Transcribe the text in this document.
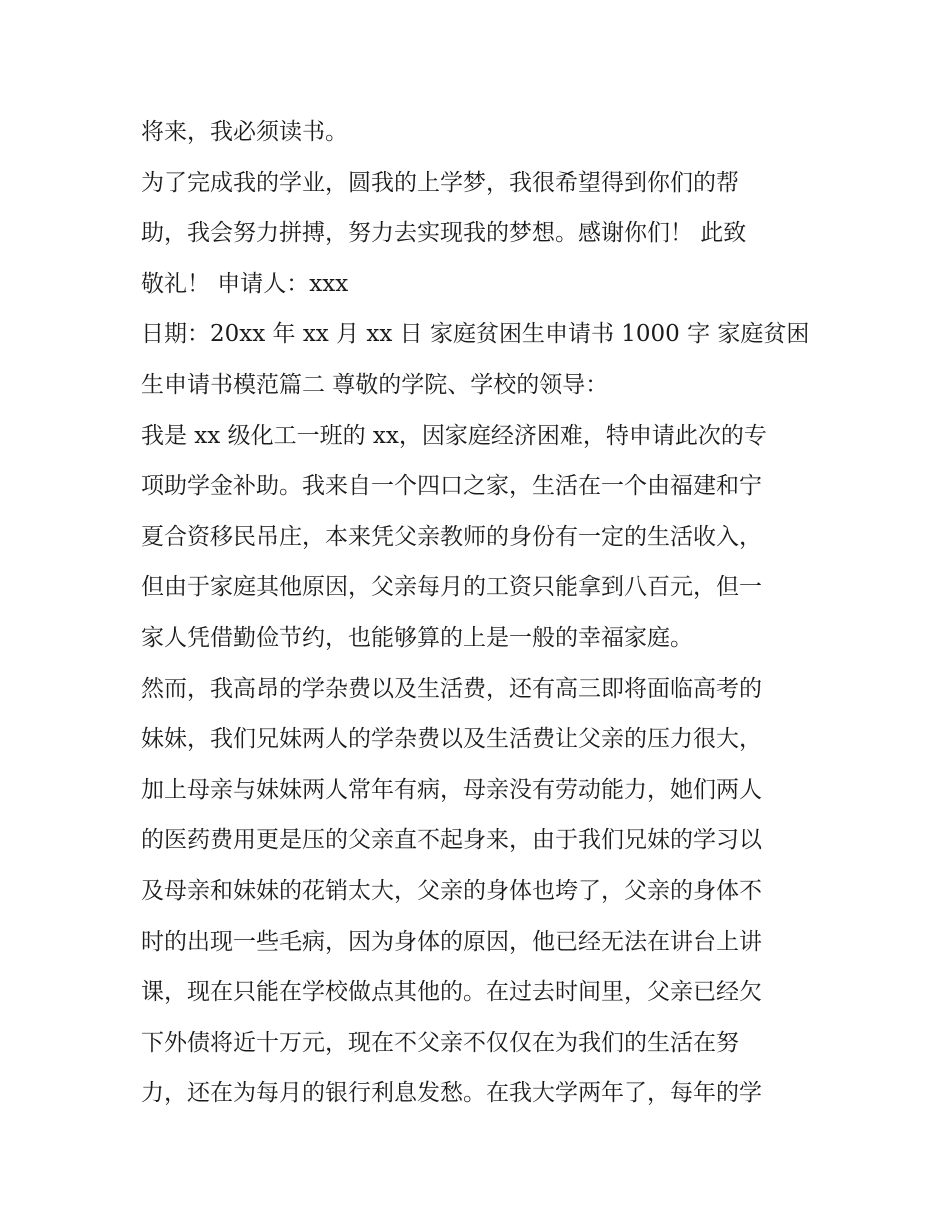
将来，我必须读书。
为了完成我的学业，圆我的上学梦，我很希望得到你们的帮
助，我会努力拼搏，努力去实现我的梦想。感谢你们！ 此致
敬礼！ 申请人：xxx
日期：20xx 年 xx 月 xx 日 家庭贫困生申请书 1000 字 家庭贫困
生申请书模范篇二 尊敬的学院、学校的领导：
我是 xx 级化工一班的 xx，因家庭经济困难，特申请此次的专
项助学金补助。我来自一个四口之家，生活在一个由福建和宁
夏合资移民吊庄，本来凭父亲教师的身份有一定的生活收入，
但由于家庭其他原因，父亲每月的工资只能拿到八百元，但一
家人凭借勤俭节约，也能够算的上是一般的幸福家庭。
然而，我高昂的学杂费以及生活费，还有高三即将面临高考的
妹妹，我们兄妹两人的学杂费以及生活费让父亲的压力很大，
加上母亲与妹妹两人常年有病，母亲没有劳动能力，她们两人
的医药费用更是压的父亲直不起身来，由于我们兄妹的学习以
及母亲和妹妹的花销太大，父亲的身体也垮了，父亲的身体不
时的出现一些毛病，因为身体的原因，他已经无法在讲台上讲
课，现在只能在学校做点其他的。在过去时间里，父亲已经欠
下外债将近十万元，现在不父亲不仅仅在为我们的生活在努
力，还在为每月的银行利息发愁。在我大学两年了，每年的学
